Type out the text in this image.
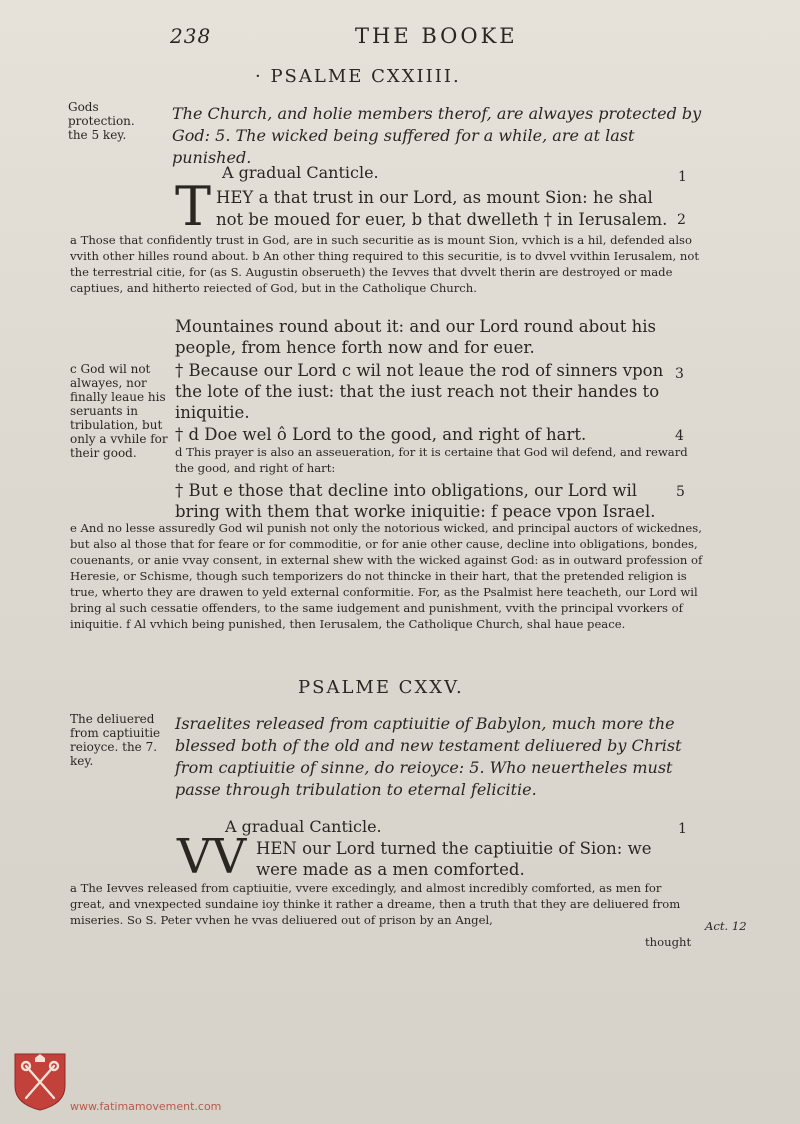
238	THE BOOKE
· PSALME CXXIIII.
Gods protection. the 5 key.
The Church, and holie members therof, are alwayes protected by God: 5. The wicked being suffered for a while, are at last punished.
A gradual Canticle.	1
T HEY a that trust in our Lord, as mount Sion: he shal
not be moued for euer, b that dwelleth † in Ierusalem. 2
a Those that confidently trust in God, are in such securitie as is mount Sion, vvhich is a hil, defended also vvith other hilles round about. b An other thing required to this securitie, is to dvvel vvithin Ierusalem, not the terrestrial citie, for (as S. Augustin obserueth) the Ievves that dvvelt therin are destroyed or made captiues, and hitherto reiected of God, but in the Catholique Church.
Mountaines round about it: and our Lord round about his people, from hence forth now and for euer.
c God wil not alwayes, nor finally leaue his seruants in tribulation, but only a vvhile for their good.
† Because our Lord c wil not leaue the rod of sinners vpon the lote of the iust: that the iust reach not their handes to iniquitie.
3
† d Doe wel ô Lord to the good, and right of hart.	4
d This prayer is also an asseueration, for it is certaine that God wil defend, and reward the good, and right of hart:
† But e those that decline into obligations, our Lord wil bring with them that worke iniquitie: f peace vpon Israel.
5
e And no lesse assuredly God wil punish not only the notorious wicked, and principal auctors of wickednes, but also al those that for feare or for commoditie, or for anie other cause, decline into obligations, bondes, couenants, or anie vvay consent, in external shew with the wicked against God: as in outward profession of Heresie, or Schisme, though such temporizers do not thincke in their hart, that the pretended religion is true, wherto they are drawen to yeld external conformitie. For, as the Psalmist here teacheth, our Lord wil bring al such cessatie offenders, to the same iudgement and punishment, vvith the principal vvorkers of iniquitie. f Al vvhich being punished, then Ierusalem, the Catholique Church, shal haue peace.
PSALME CXXV.
The deliuered from captiuitie reioyce. the 7. key.
Israelites released from captiuitie of Babylon, much more the blessed both of the old and new testament deliuered by Christ from captiuitie of sinne, do reioyce: 5. Who neuertheles must passe through tribulation to eternal felicitie.
A gradual Canticle.	1
VV HEN our Lord turned the captiuitie of Sion: we
were made as a men comforted.
a The Ievves released from captiuitie, vvere excedingly, and almost incredibly comforted, as men for great, and vnexpected sundaine ioy thinke it rather a dreame, then a truth that they are deliuered from miseries. So S. Peter vvhen he vvas deliuered out of prison by an Angel,	Act. 12
thought
www.fatimamovement.com
